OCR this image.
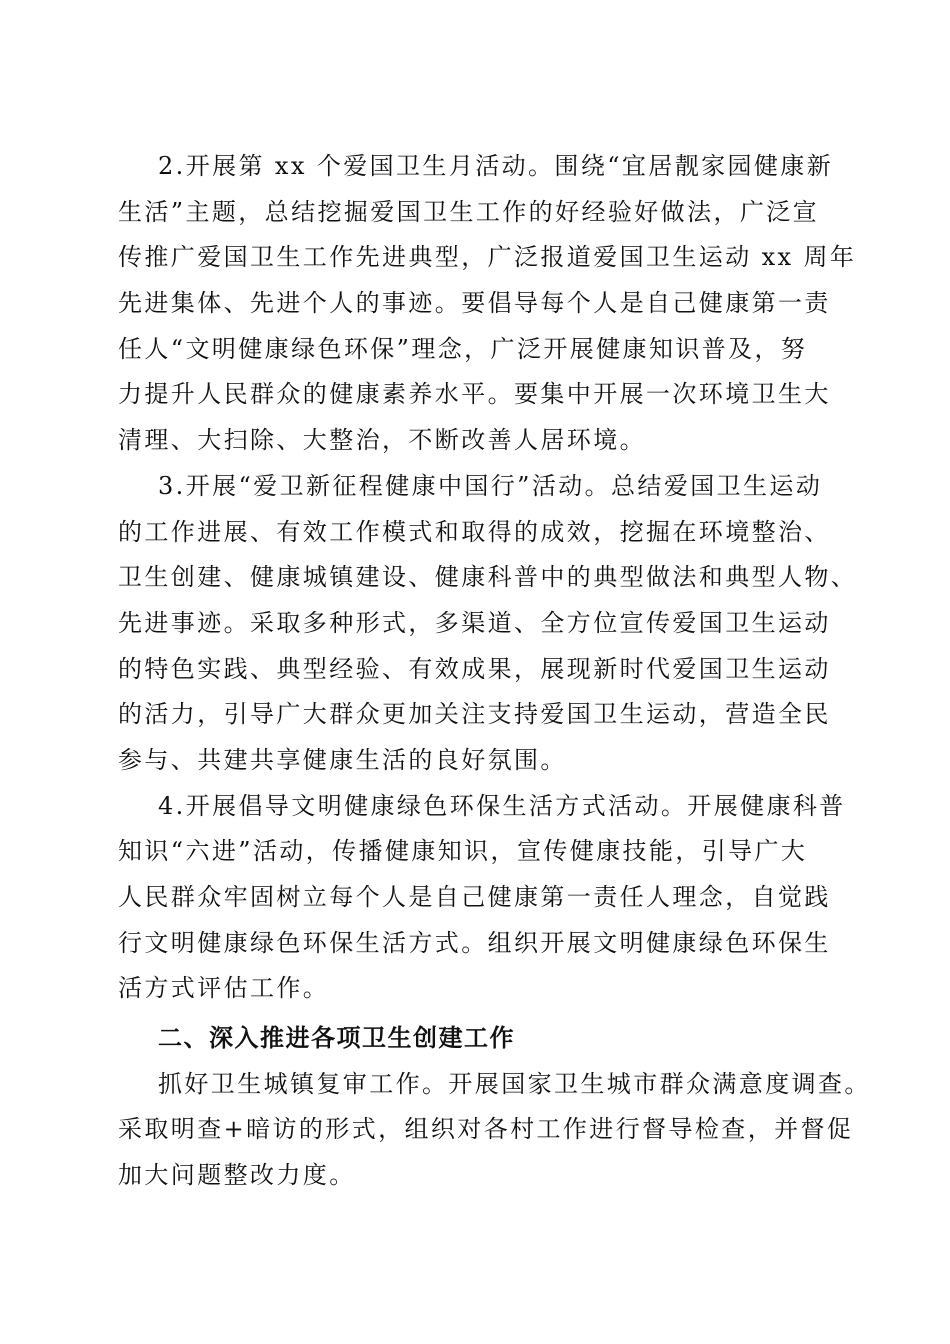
2.开展第 xx 个爱国卫生月活动。围绕“宜居靓家园健康新
生活”主题，总结挖掘爱国卫生工作的好经验好做法，广泛宣
传推广爱国卫生工作先进典型，广泛报道爱国卫生运动 xx 周年
先进集体、先进个人的事迹。要倡导每个人是自己健康第一责
任人“文明健康绿色环保”理念，广泛开展健康知识普及，努
力提升人民群众的健康素养水平。要集中开展一次环境卫生大
清理、大扫除、大整治，不断改善人居环境。
3.开展“爱卫新征程健康中国行”活动。总结爱国卫生运动
的工作进展、有效工作模式和取得的成效，挖掘在环境整治、
卫生创建、健康城镇建设、健康科普中的典型做法和典型人物、
先进事迹。采取多种形式，多渠道、全方位宣传爱国卫生运动
的特色实践、典型经验、有效成果，展现新时代爱国卫生运动
的活力，引导广大群众更加关注支持爱国卫生运动，营造全民
参与、共建共享健康生活的良好氛围。
4.开展倡导文明健康绿色环保生活方式活动。开展健康科普
知识“六进”活动，传播健康知识，宣传健康技能，引导广大
人民群众牢固树立每个人是自己健康第一责任人理念，自觉践
行文明健康绿色环保生活方式。组织开展文明健康绿色环保生
活方式评估工作。
二、深入推进各项卫生创建工作
抓好卫生城镇复审工作。开展国家卫生城市群众满意度调查。
采取明查+暗访的形式，组织对各村工作进行督导检查，并督促
加大问题整改力度。
